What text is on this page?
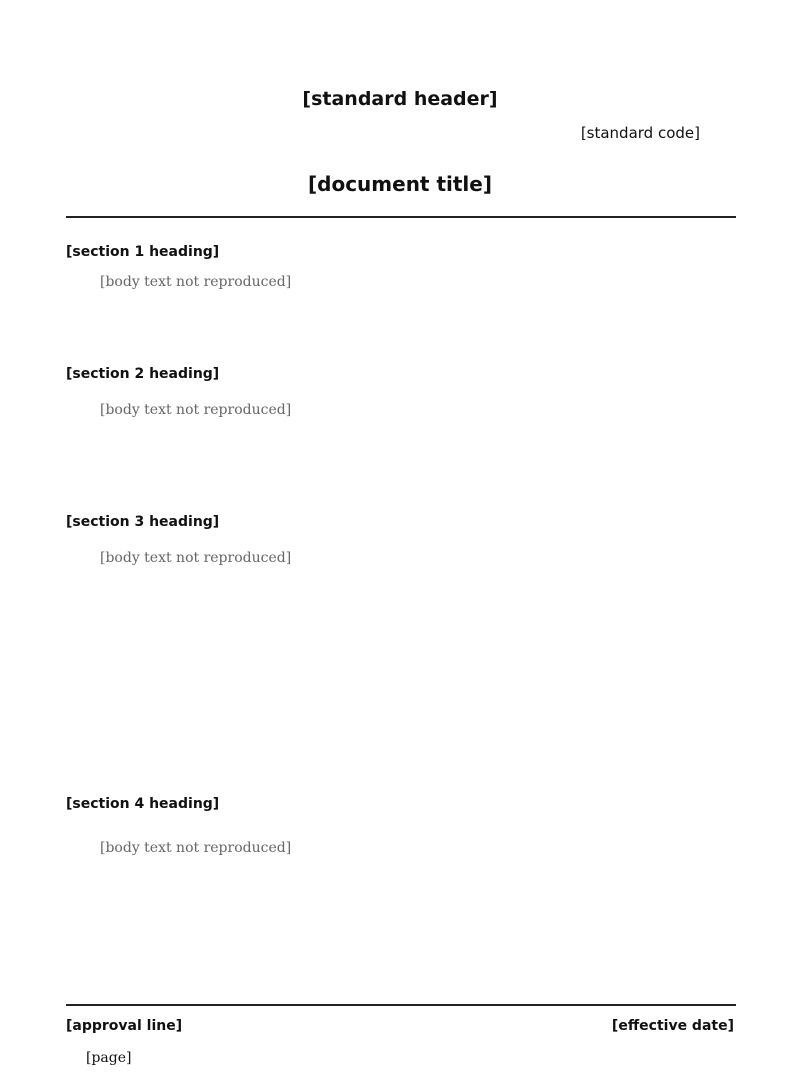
[standard header]
[standard code]
[document title]
[section 1 heading]
[body text not reproduced]
[section 2 heading]
[body text not reproduced]
[section 3 heading]
[body text not reproduced]
[section 4 heading]
[body text not reproduced]
[approval line]	[effective date]
[page]
